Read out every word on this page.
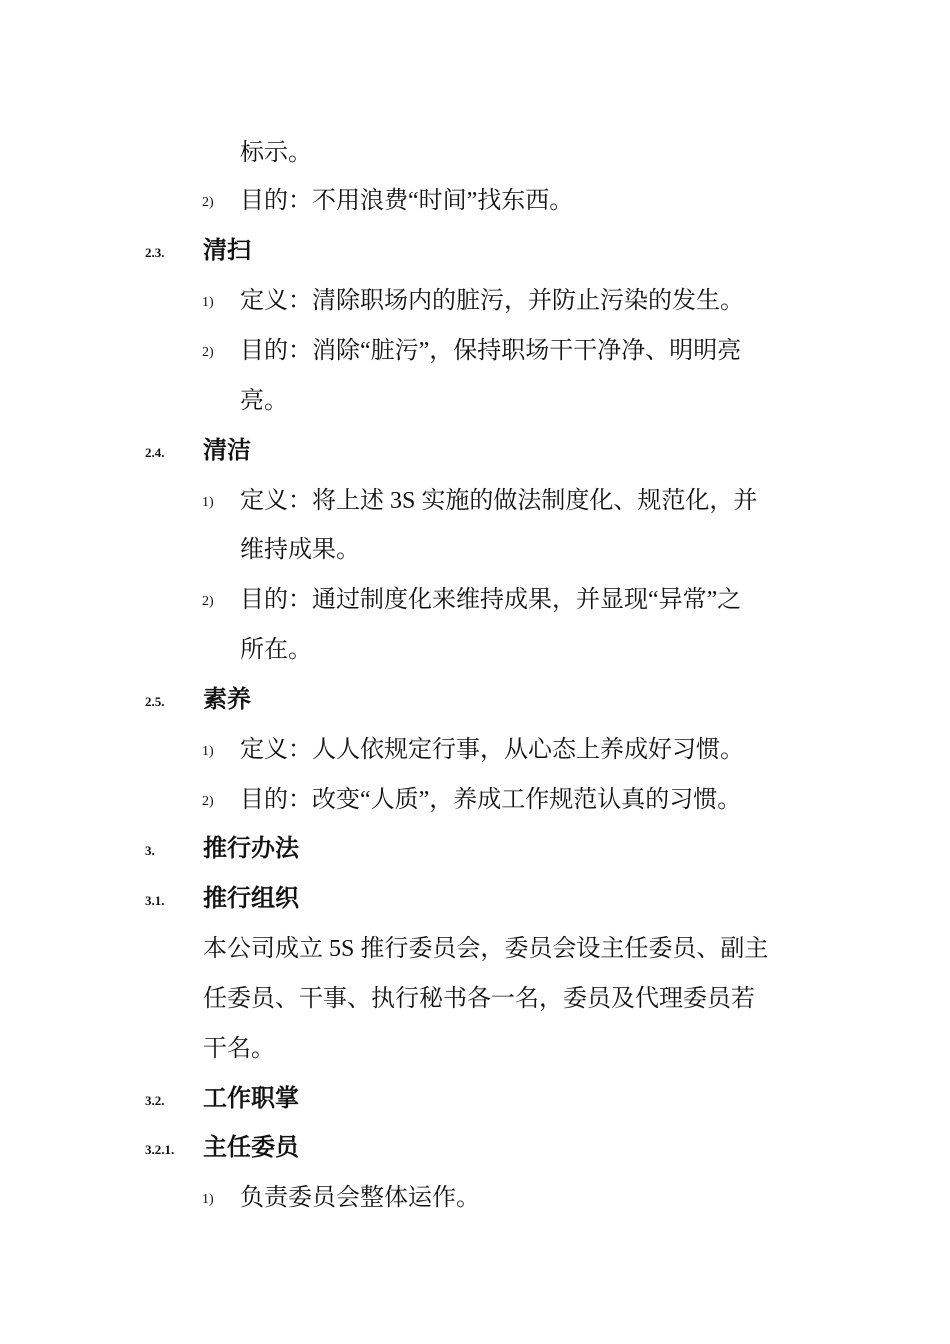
标示。
2) 目的：不用浪费“时间”找东西。
2.3. 清扫
1) 定义：清除职场内的脏污，并防止污染的发生。
2) 目的：消除“脏污”，保持职场干干净净、明明亮
亮。
2.4. 清洁
1) 定义：将上述 3S 实施的做法制度化、规范化，并
维持成果。
2) 目的：通过制度化来维持成果，并显现“异常”之
所在。
2.5. 素养
1) 定义：人人依规定行事，从心态上养成好习惯。
2) 目的：改变“人质”，养成工作规范认真的习惯。
3. 推行办法
3.1. 推行组织
本公司成立 5S 推行委员会，委员会设主任委员、副主
任委员、干事、执行秘书各一名，委员及代理委员若
干名。
3.2. 工作职掌
3.2.1. 主任委员
1) 负责委员会整体运作。
